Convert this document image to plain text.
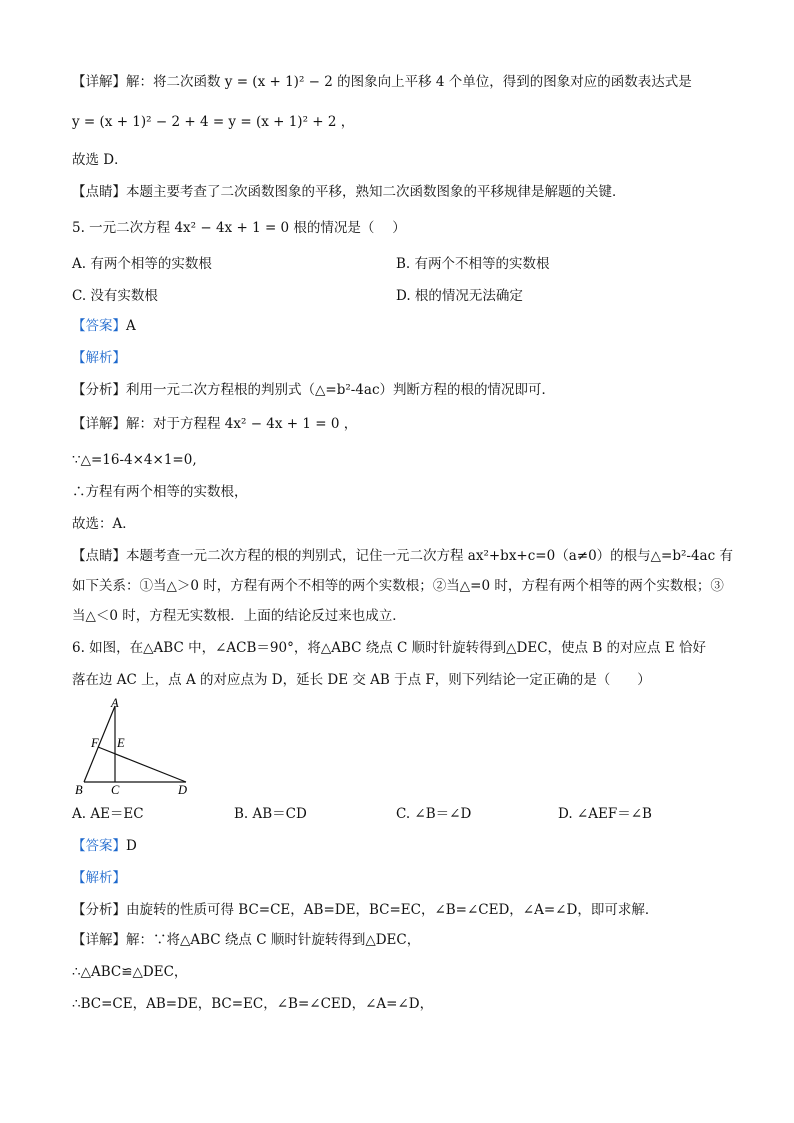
【详解】解：将二次函数 y = (x + 1)² − 2 的图象向上平移 4 个单位，得到的图象对应的函数表达式是
y = (x + 1)² − 2 + 4 = y = (x + 1)² + 2 ，
故选 D．
【点睛】本题主要考查了二次函数图象的平移，熟知二次函数图象的平移规律是解题的关键．
5. 一元二次方程 4x² − 4x + 1 = 0 根的情况是（　 ）
A. 有两个相等的实数根	B. 有两个不相等的实数根
C. 没有实数根	D. 根的情况无法确定
【答案】A
【解析】
【分析】利用一元二次方程根的判别式（△=b²-4ac）判断方程的根的情况即可．
【详解】解：对于方程程 4x² − 4x + 1 = 0 ，
∵△=16-4×4×1=0,
∴方程有两个相等的实数根，
故选：A．
【点睛】本题考查一元二次方程的根的判别式，记住一元二次方程 ax²+bx+c=0（a≠0）的根与△=b²-4ac 有
如下关系：①当△＞0 时，方程有两个不相等的两个实数根；②当△=0 时，方程有两个相等的两个实数根；③
当△＜0 时，方程无实数根．上面的结论反过来也成立．
6. 如图，在△ABC 中，∠ACB＝90°，将△ABC 绕点 C 顺时针旋转得到△DEC，使点 B 的对应点 E 恰好
落在边 AC 上，点 A 的对应点为 D，延长 DE 交 AB 于点 F，则下列结论一定正确的是（　　）
A
F E
B C	D
A. AE＝EC	B. AB＝CD	C. ∠B＝∠D	D. ∠AEF＝∠B
【答案】D
【解析】
【分析】由旋转的性质可得 BC=CE，AB=DE，BC=EC，∠B=∠CED，∠A=∠D，即可求解．
【详解】解：∵将△ABC 绕点 C 顺时针旋转得到△DEC，
∴△ABC≌△DEC，
∴BC=CE，AB=DE，BC=EC，∠B=∠CED，∠A=∠D，
